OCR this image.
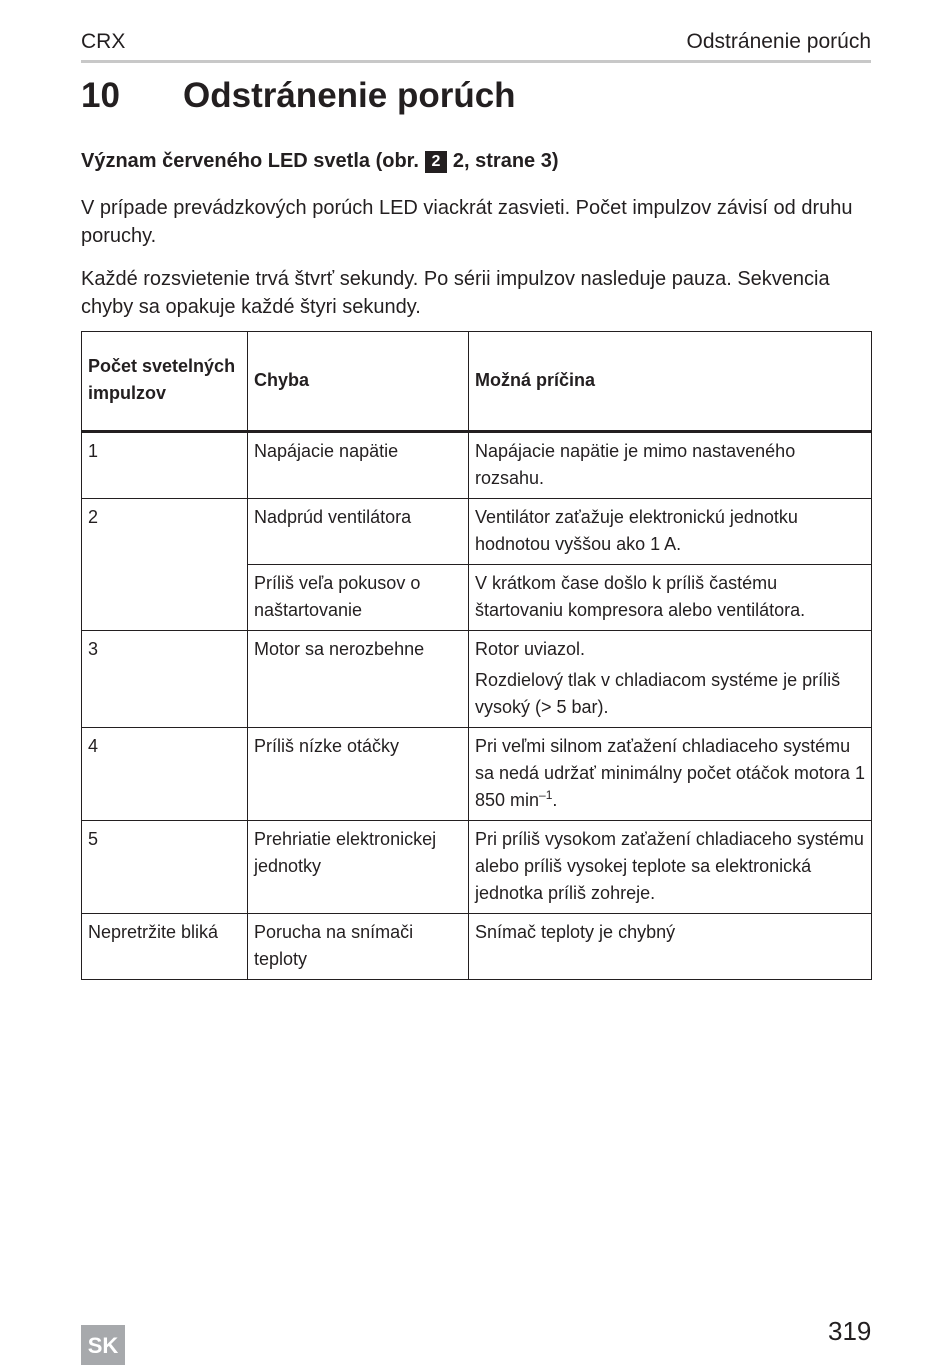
CRX	Odstránenie porúch
10	Odstránenie porúch
Význam červeného LED svetla (obr. 2 2, strane 3)
V prípade prevádzkových porúch LED viackrát zasvieti. Počet impulzov závisí od druhu poruchy.
Každé rozsvietenie trvá štvrť sekundy. Po sérii impulzov nasleduje pauza. Sekvencia chyby sa opakuje každé štyri sekundy.
Počet svetelných impulzov	Chyba	Možná príčina
1	Napájacie napätie	Napájacie napätie je mimo nastaveného rozsahu.
2	Nadprúd ventilátora	Ventilátor zaťažuje elektronickú jednotku hodnotou vyššou ako 1 A.
	Príliš veľa pokusov o naštartovanie	V krátkom čase došlo k príliš častému štartovaniu kompresora alebo ventilátora.
3	Motor sa nerozbehne	Rotor uviazol.
Rozdielový tlak v chladiacom systéme je príliš vysoký (> 5 bar).

4	Príliš nízke otáčky	Pri veľmi silnom zaťažení chladiaceho systému sa nedá udržať minimálny počet otáčok motora 1 850 $\min^{-1}$.
5	Prehriatie elektronickej jednotky	Pri príliš vysokom zaťažení chladiaceho systému alebo príliš vysokej teplote sa elektronická jednotka príliš zohreje.
Nepretržite bliká	Porucha na snímači teploty	Snímač teploty je chybný
SK	319
